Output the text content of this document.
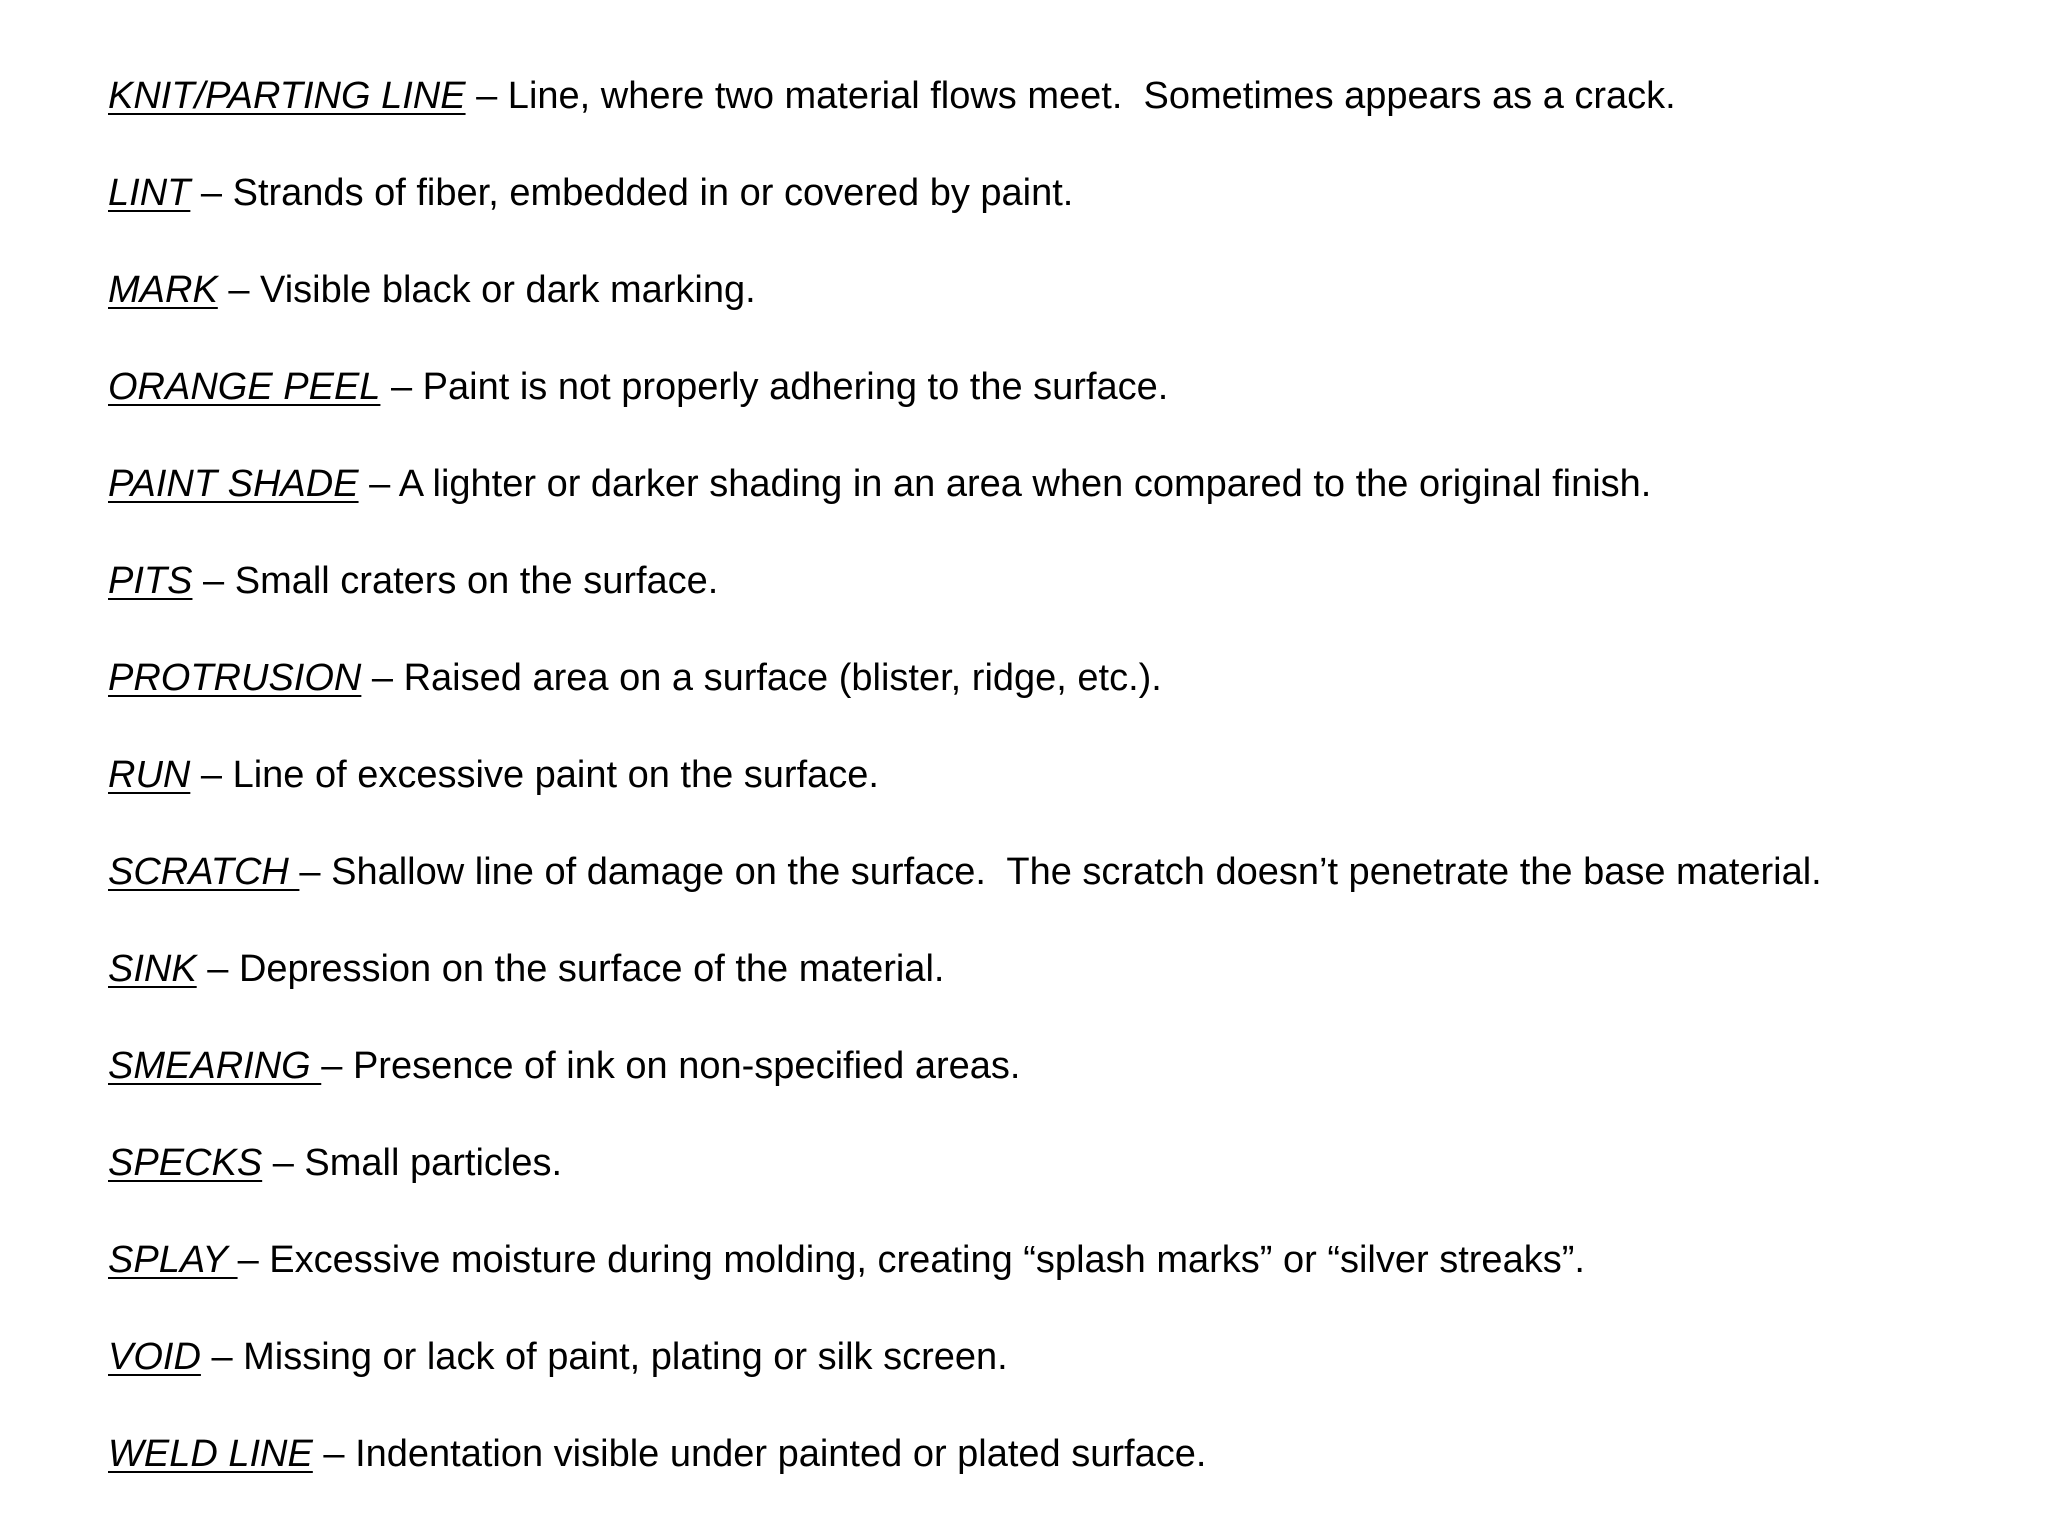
KNIT/PARTING LINE – Line, where two material flows meet.  Sometimes appears as a crack.
LINT – Strands of fiber, embedded in or covered by paint.
MARK – Visible black or dark marking.
ORANGE PEEL – Paint is not properly adhering to the surface.
PAINT SHADE – A lighter or darker shading in an area when compared to the original finish.
PITS – Small craters on the surface.
PROTRUSION – Raised area on a surface (blister, ridge, etc.).
RUN – Line of excessive paint on the surface.
SCRATCH – Shallow line of damage on the surface.  The scratch doesn’t penetrate the base material.
SINK – Depression on the surface of the material.
SMEARING – Presence of ink on non-specified areas.
SPECKS – Small particles.
SPLAY – Excessive moisture during molding, creating “splash marks” or “silver streaks”.
VOID – Missing or lack of paint, plating or silk screen.
WELD LINE – Indentation visible under painted or plated surface.
